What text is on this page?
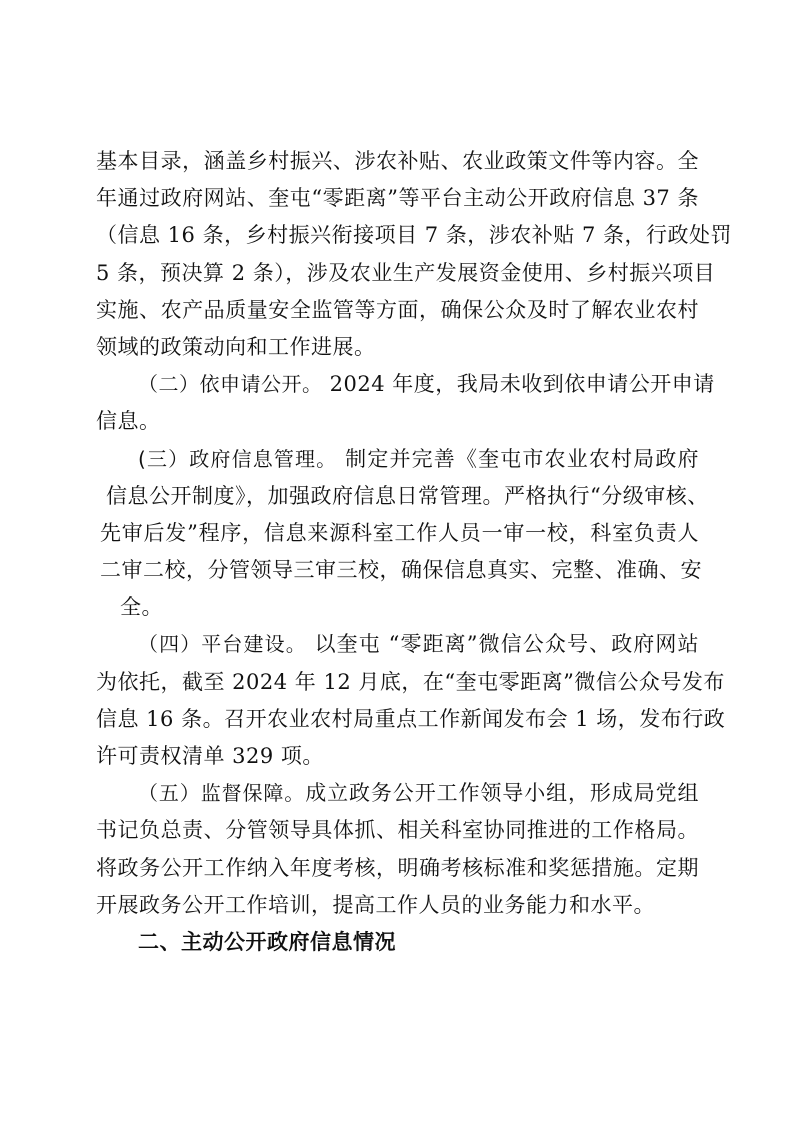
基本目录，涵盖乡村振兴、涉农补贴、农业政策文件等内容。全
年通过政府网站、奎屯“零距离”等平台主动公开政府信息 37 条
（信息 16 条，乡村振兴衔接项目 7 条，涉农补贴 7 条，行政处罚
5 条，预决算 2 条），涉及农业生产发展资金使用、乡村振兴项目
实施、农产品质量安全监管等方面，确保公众及时了解农业农村
领域的政策动向和工作进展。
（二）依申请公开。 2024 年度，我局未收到依申请公开申请
信息。
(三）政府信息管理。 制定并完善《奎屯市农业农村局政府
信息公开制度》，加强政府信息日常管理。严格执行“分级审核、
先审后发”程序，信息来源科室工作人员一审一校，科室负责人
二审二校，分管领导三审三校，确保信息真实、完整、准确、安
全。
（四）平台建设。 以奎屯 “零距离”微信公众号、政府网站
为依托，截至 2024 年 12 月底，在“奎屯零距离”微信公众号发布
信息 16 条。召开农业农村局重点工作新闻发布会 1 场，发布行政
许可责权清单 329 项。
（五）监督保障。成立政务公开工作领导小组，形成局党组
书记负总责、分管领导具体抓、相关科室协同推进的工作格局。
将政务公开工作纳入年度考核，明确考核标准和奖惩措施。定期
开展政务公开工作培训，提高工作人员的业务能力和水平。
二、主动公开政府信息情况
